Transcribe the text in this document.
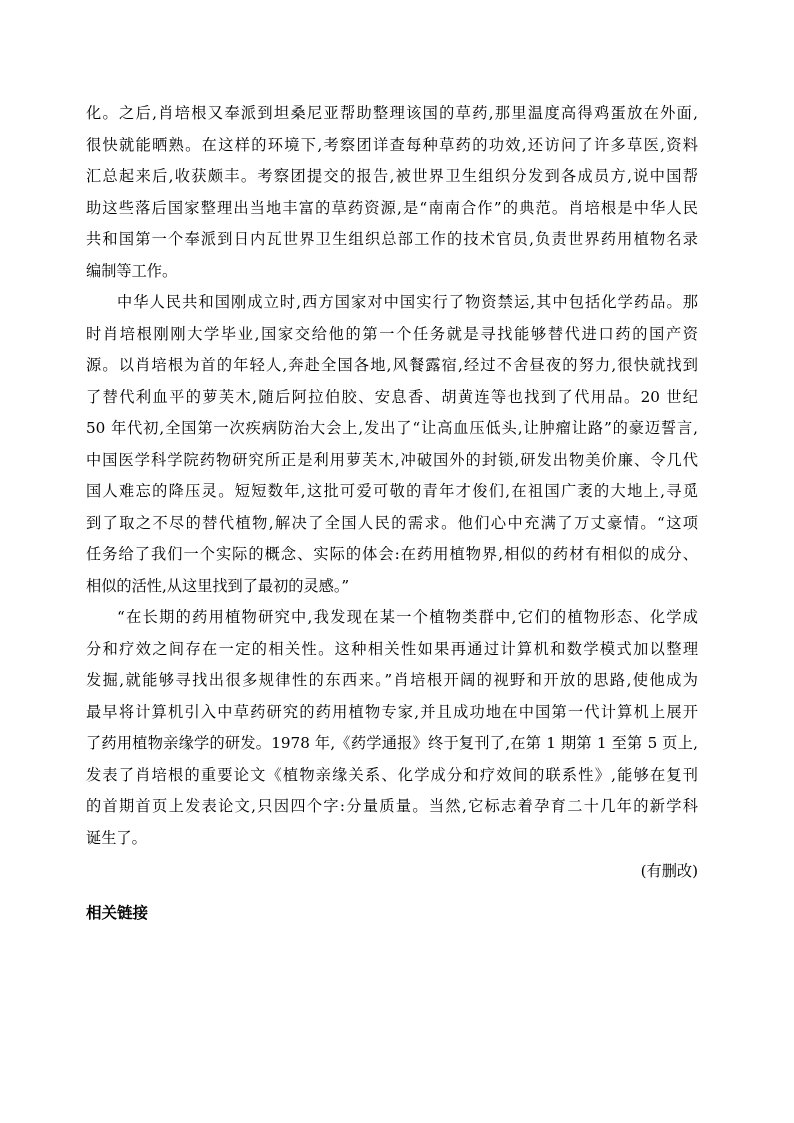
化。之后,肖培根又奉派到坦桑尼亚帮助整理该国的草药,那里温度高得鸡蛋放在外面,
很快就能晒熟。在这样的环境下,考察团详查每种草药的功效,还访问了许多草医,资料
汇总起来后,收获颇丰。考察团提交的报告,被世界卫生组织分发到各成员方,说中国帮
助这些落后国家整理出当地丰富的草药资源,是“南南合作”的典范。肖培根是中华人民
共和国第一个奉派到日内瓦世界卫生组织总部工作的技术官员,负责世界药用植物名录
编制等工作。
中华人民共和国刚成立时,西方国家对中国实行了物资禁运,其中包括化学药品。那
时肖培根刚刚大学毕业,国家交给他的第一个任务就是寻找能够替代进口药的国产资
源。以肖培根为首的年轻人,奔赴全国各地,风餐露宿,经过不舍昼夜的努力,很快就找到
了替代利血平的萝芙木,随后阿拉伯胶、安息香、胡黄连等也找到了代用品。20 世纪
50 年代初,全国第一次疾病防治大会上,发出了“让高血压低头,让肿瘤让路”的豪迈誓言,
中国医学科学院药物研究所正是利用萝芙木,冲破国外的封锁,研发出物美价廉、令几代
国人难忘的降压灵。短短数年,这批可爱可敬的青年才俊们,在祖国广袤的大地上,寻觅
到了取之不尽的替代植物,解决了全国人民的需求。他们心中充满了万丈豪情。“这项
任务给了我们一个实际的概念、实际的体会:在药用植物界,相似的药材有相似的成分、
相似的活性,从这里找到了最初的灵感。”
“在长期的药用植物研究中,我发现在某一个植物类群中,它们的植物形态、化学成
分和疗效之间存在一定的相关性。这种相关性如果再通过计算机和数学模式加以整理
发掘,就能够寻找出很多规律性的东西来。”肖培根开阔的视野和开放的思路,使他成为
最早将计算机引入中草药研究的药用植物专家,并且成功地在中国第一代计算机上展开
了药用植物亲缘学的研发。1978 年,《药学通报》终于复刊了,在第 1 期第 1 至第 5 页上,
发表了肖培根的重要论文《植物亲缘关系、化学成分和疗效间的联系性》,能够在复刊
的首期首页上发表论文,只因四个字:分量质量。当然,它标志着孕育二十几年的新学科
诞生了。
(有删改)
相关链接
